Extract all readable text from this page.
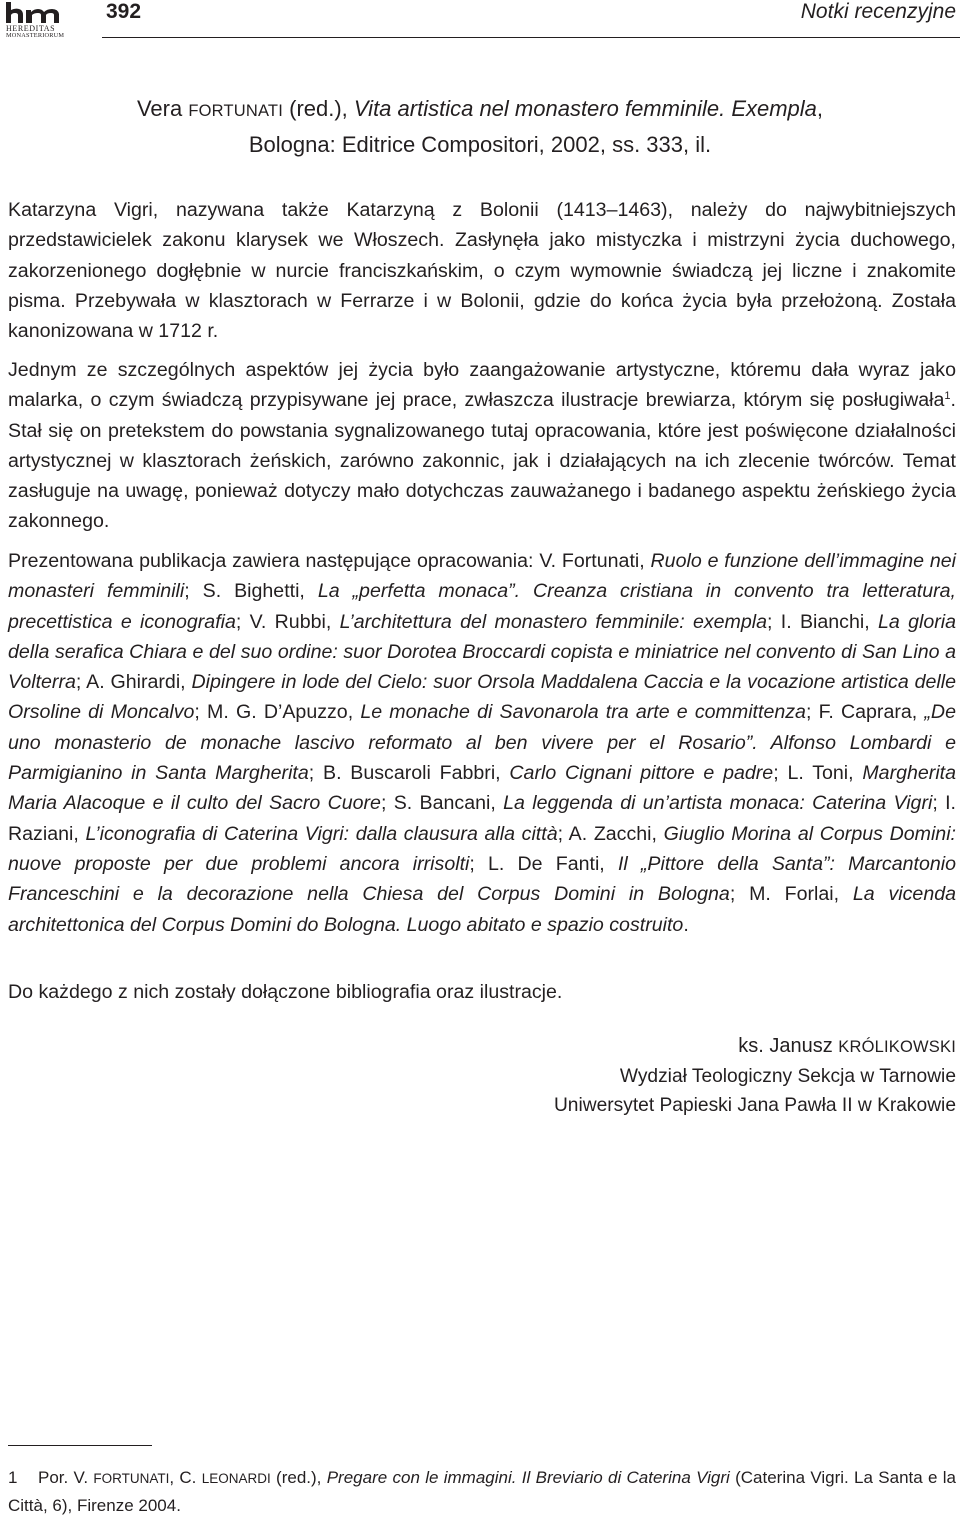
HEREDITAS
MONASTERIORUM
392	Notki recenzyjne
Vera FORTUNATI (red.), Vita artistica nel monastero femminile. Exempla,
Bologna: Editrice Compositori, 2002, ss. 333, il.

Katarzyna Vigri, nazywana także Katarzyną z Bolonii (1413–1463), należy do najwybitniejszych przedstawicielek zakonu klarysek we Włoszech. Zasłynęła jako mistyczka i mistrzyni życia duchowego, zakorzenionego dogłębnie w nurcie franciszkańskim, o czym wymownie świadczą jej liczne i znakomite pisma. Przebywała w klasztorach w Ferrarze i w Bolonii, gdzie do końca życia była przełożoną. Została kanonizowana w 1712 r.

Jednym ze szczególnych aspektów jej życia było zaangażowanie artystyczne, któremu dała wyraz jako malarka, o czym świadczą przypisywane jej prace, zwłaszcza ilustracje brewiarza, którym się posługiwała$^1$. Stał się on pretekstem do powstania sygnalizowanego tutaj opracowania, które jest poświęcone działalności artystycznej w klasztorach żeńskich, zarówno zakonnic, jak i działających na ich zlecenie twórców. Temat zasługuje na uwagę, ponieważ dotyczy mało dotychczas zauważanego i badanego aspektu żeńskiego życia zakonnego.

Prezentowana publikacja zawiera następujące opracowania: V. Fortunati, Ruolo e funzione dell’immagine nei monasteri femminili; S. Bighetti, La „perfetta monaca”. Creanza cristiana in convento tra letteratura, precettistica e iconografia; V. Rubbi, L’architettura del monastero femminile: exempla; I. Bianchi, La gloria della serafica Chiara e del suo ordine: suor Dorotea Broccardi copista e miniatrice nel convento di San Lino a Volterra; A. Ghirardi, Dipingere in lode del Cielo: suor Orsola Maddalena Caccia e la vocazione artistica delle Orsoline di Moncalvo; M. G. D’Apuzzo, Le monache di Savonarola tra arte e committenza; F. Caprara, „De uno monasterio de monache lascivo reformato al ben vivere per el Rosario”. Alfonso Lombardi e Parmigianino in Santa Margherita; B. Buscaroli Fabbri, Carlo Cignani pittore e padre; L. Toni, Margherita Maria Alacoque e il culto del Sacro Cuore; S. Bancani, La leggenda di un’artista monaca: Caterina Vigri; I. Raziani, L’iconografia di Caterina Vigri: dalla clausura alla città; A. Zacchi, Giuglio Morina al Corpus Domini: nuove proposte per due problemi ancora irrisolti; L. De Fanti, Il „Pittore della Santa”: Marcantonio Franceschini e la decorazione nella Chiesa del Corpus Domini in Bologna; M. Forlai, La vicenda architettonica del Corpus Domini do Bologna. Luogo abitato e spazio costruito.

Do każdego z nich zostały dołączone bibliografia oraz ilustracje.

ks. Janusz KRÓLIKOWSKI
Wydział Teologiczny Sekcja w Tarnowie
Uniwersytet Papieski Jana Pawła II w Krakowie
1 Por. V. FORTUNATI, C. LEONARDI (red.), Pregare con le immagini. Il Breviario di Caterina Vigri (Caterina Vigri. La Santa e la Città, 6), Firenze 2004.
